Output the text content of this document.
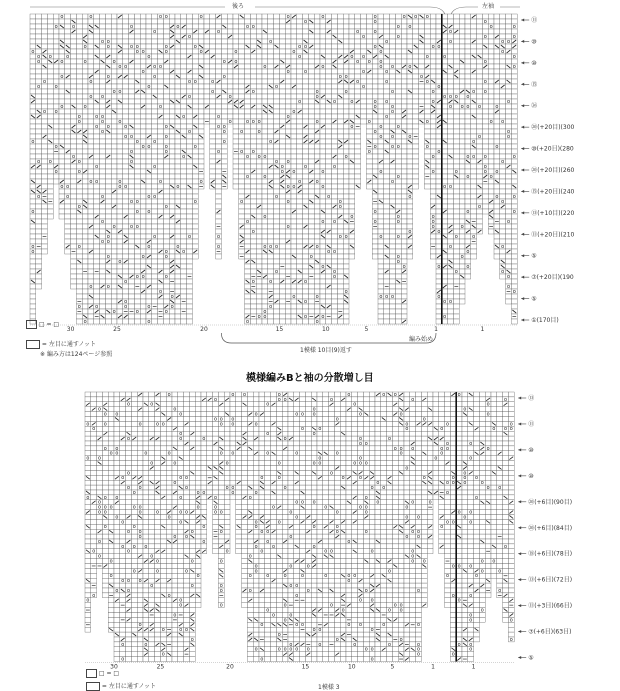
o
o
o
o
o
o
o
o
o
o
o
o
o
o
o
o
o
o
o
o
o
o
o
o
o
o
o
o
o
o
o
o
o
o
o
o
o
o
o
o
o
o
o
o
o
o
o
o
o
o
o
o
o
o
o
o
o
o
o
o
o
o
o
o
o
o
o
o
o
o
o
o
o
o
o
o
o
o
o
o
o
o
o
o
o
o
o
o
o
o
o
o
o
o
o
o
o
o
o
o
o
o
o
o
o
o
o
o
o
o
o
o
o
o
o
o
o
o
o
o
o
o
o
o
o
o
o
o
o
o
o
o
o
o
o
o
o
o
o
o
o
o
o
o
o
o
o
o
o
o
o
o
o
o
o
o
o
o
o
o
o
o
o
o
o
o
o
o
o
o
o
o
o
o
o
o
o
o
o
o
o
o
o
o
o
o
o
o
o
o
o
o
o
o
o
o
o
o
o
o
o
o
o
o
o
o
o
o
o
o
o
o
o
o
o
o
o
o
o
o
o
o
o
o
o
o
o
o
o
o
o
o
o
o
o
o
o
o
o
o
o
o
o
o
o
o
o
o
o
o
o
o
o
o
o
o
o
o
o
o
o
o
o
o
o
o
o
o
o
o
o
o
o
o
o
o
o
o
o
o
o
o
o
o
o
o
o
o
o
o
o
o
o
o
o
o
o
o
o
o
o
o
o
o
o
o
o
o
o
o
o
o
o
o
o
o
o
o
o
o
o
o
o
o
o
o
o
o
o
o
o
o
o
o
o
o
o
o
o
o
o
o
o
o
o
o
o
o
o
o
o
o
o
o
o
o
o
o
o
o
o
o
o
o
o
o
o
o
o
o
o
o
o
o
o
o
o
o
o
o
o
o
o
o
o
o
o
o
o
o
o
o
o
o
o
o
o
o
o
o
o
o
o
o
o
o
o
o
o
o
o
o
o
o
o
o
o
o
o
⑪
⑩
⑩
⑮
㊱
⑳(+20目)(300
⑩(+20目)(280
⑳(+20目)(260
⑮(+20目)(240
⑬(+10目)(220
⑪(+20目)(210
⑤
⑦(+20目)(190
⑤
①(170目)
30	25	20	15	10	5	1	1
後ろ	左袖
編み始め
1模様 10目(9)返す
□ = □
= 左目に通すノット
※ 編み方は124ページ参照
模様編みBと袖の分散増し目
o
o
o
o
o
o
o
o
o
o
o
o
o
o
o
o
o
o
o
o
o
o
o
o
o
o
o
o
o
o
o
o
o
o
o
o
o
o
o
o
o
o
o
o
o
o
o
o
o
o
o
o
o
o
o
o
o
o
o
o
o
o
o
o
o
o
o
o
o
o
o
o
o
o
o
o
o
o
o
o
o
o
o
o
o
o
o
o
o
o
o
o
o
o
o
o
o
o
o
o
o
o
o
o
o
o
o
o
o
o
o
o
o
o
o
o
o
o
o
o
o
o
o
o
o
o
o
o
o
o
o
o
o
o
o
o
o
o
o
o
o
o
o
o
o
o
o
o
o
o
o
o
o
o
o
o
o
o
o
o
o
o
o
o
o
o
o
o
o
o
o
o
o
o
o
o
o
o
o
o
o
o
o
o
o
o
o
o
o
o
o
o
o
o
o
o
o
o
o
o
o
o
o
o
o
o
o
o
o
o
o
o
o
o
o
o
o
o
o
o
o
o
o
o
o
o
o
o
o
o
o
o
o
o
o
o
o
o
o
o
o
o
o
o
o
o
o
o
o
o
o
o
o
o
o
o
o
o
o
o
o
o
o
o
o
o
o
o
o
o
o
o
o
o
o
o
o
o
o
o
o
o
o
o
o
o
o
o
o
o
o
o
o
o
o
o
o
o
o
o
o
o
o
o
o
o
o
o
o
o
o
o
o
o
o
o
o
o
o
o
o
o
o
o
o
o
o
o
o
o
o
o
o
o
o
o
o
o
o
o
o
o
o
o
o
o
o
o
o
o
o
o
o
o
o
o
o
o
o
o
o
⑬
⑪
⑩
⑩
⑳(+6目)(90目)
⑳(+6目)(84目)
⑱(+6目)(78目)
⑬(+6目)(72目)
⑪(+3目)(66目)
⑦(+6目)(63目)
⑤
30	25	20	15	10	5	1	1
1模様 3
□ = □
= 左目に通すノット
